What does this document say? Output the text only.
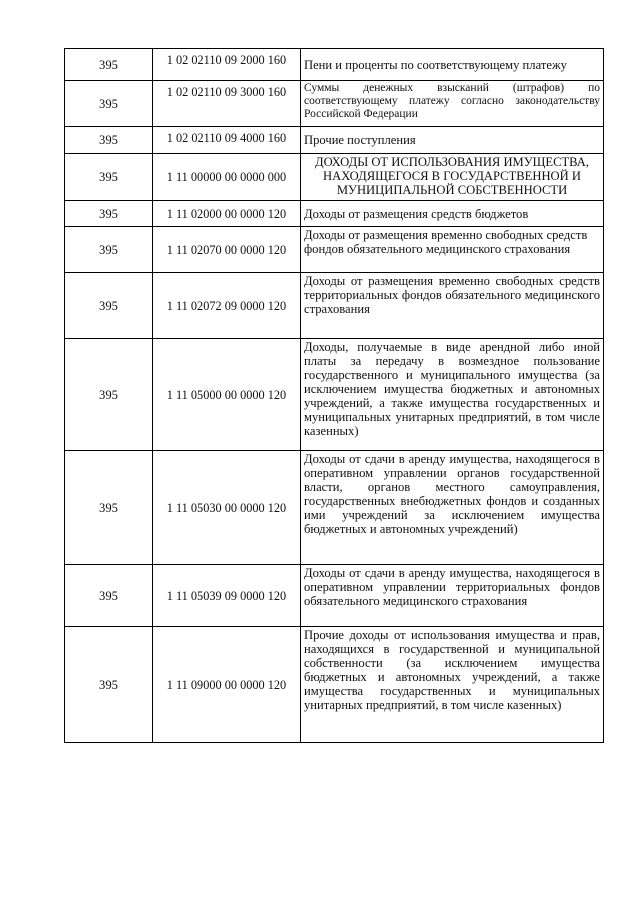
395	1 02 02110 09 2000 160	Пени и проценты по соответствующему платежу
395	1 02 02110 09 3000 160	Суммы денежных взысканий (штрафов) по соответствующему платежу согласно законодательству Российской Федерации
395	1 02 02110 09 4000 160	Прочие поступления
395	1 11 00000 00 0000 000	ДОХОДЫ ОТ ИСПОЛЬЗОВАНИЯ ИМУЩЕСТВА, НАХОДЯЩЕГОСЯ В ГОСУДАРСТВЕННОЙ И МУНИЦИПАЛЬНОЙ СОБСТВЕННОСТИ
395	1 11 02000 00 0000 120	Доходы от размещения средств бюджетов
395	1 11 02070 00 0000 120	Доходы от размещения временно свободных средств фондов обязательного медицинского страхования
395	1 11 02072 09 0000 120	Доходы от размещения временно свободных средств территориальных фондов обязательного медицинского страхования
395	1 11 05000 00 0000 120	Доходы, получаемые в виде арендной либо иной платы за передачу в возмездное пользование государственного и муниципального имущества (за исключением имущества бюджетных и автономных учреждений, а также имущества государственных и муниципальных унитарных предприятий, в том числе казенных)
395	1 11 05030 00 0000 120	Доходы от сдачи в аренду имущества, находящегося в оперативном управлении органов государственной власти, органов местного самоуправления, государственных внебюджетных фондов и созданных ими учреждений за исключением имущества бюджетных и автономных учреждений)
395	1 11 05039 09 0000 120	Доходы от сдачи в аренду имущества, находящегося в оперативном управлении территориальных фондов обязательного медицинского страхования
395	1 11 09000 00 0000 120	Прочие доходы от использования имущества и прав, находящихся в государственной и муниципальной собственности (за исключением имущества бюджетных и автономных учреждений, а также имущества государственных и муниципальных унитарных предприятий, в том числе казенных)
